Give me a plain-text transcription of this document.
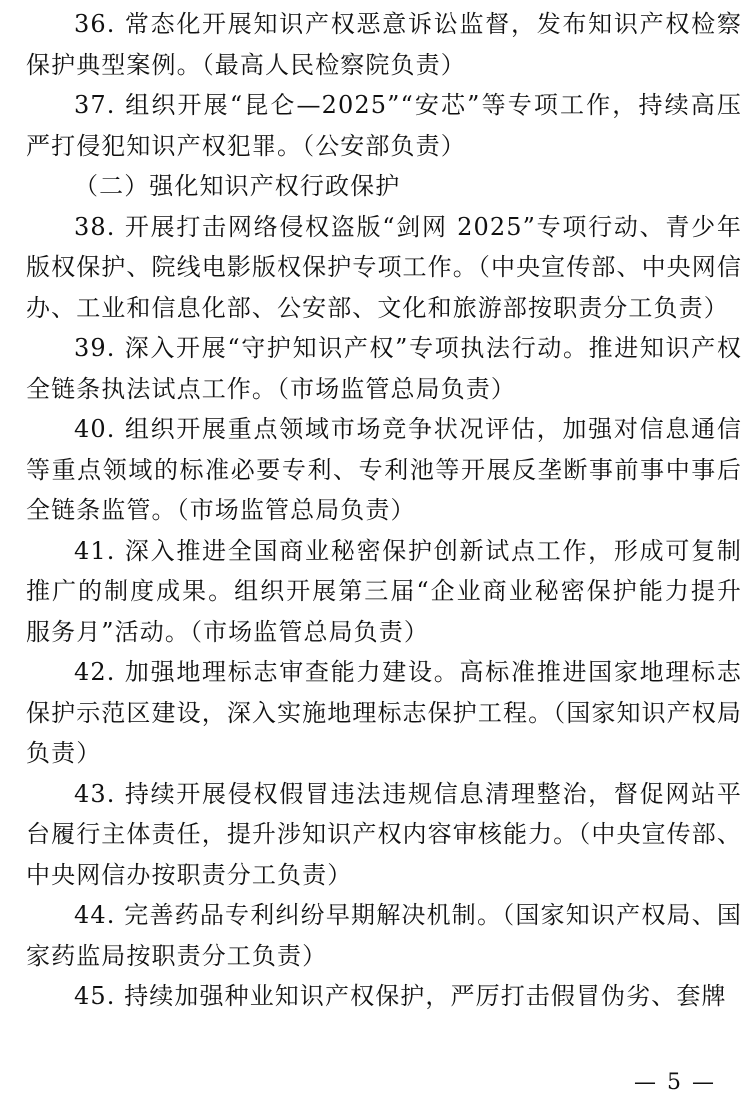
36. 常态化开展知识产权恶意诉讼监督，发布知识产权检察保护典型案例。（最高人民检察院负责）

37. 组织开展“昆仑—2025”“安芯”等专项工作，持续高压严打侵犯知识产权犯罪。（公安部负责）

（二）强化知识产权行政保护

38. 开展打击网络侵权盗版“剑网 2025”专项行动、青少年版权保护、院线电影版权保护专项工作。（中央宣传部、中央网信办、工业和信息化部、公安部、文化和旅游部按职责分工负责）

39. 深入开展“守护知识产权”专项执法行动。推进知识产权全链条执法试点工作。（市场监管总局负责）

40. 组织开展重点领域市场竞争状况评估，加强对信息通信等重点领域的标准必要专利、专利池等开展反垄断事前事中事后全链条监管。（市场监管总局负责）

41. 深入推进全国商业秘密保护创新试点工作，形成可复制推广的制度成果。组织开展第三届“企业商业秘密保护能力提升服务月”活动。（市场监管总局负责）

42. 加强地理标志审查能力建设。高标准推进国家地理标志保护示范区建设，深入实施地理标志保护工程。（国家知识产权局负责）

43. 持续开展侵权假冒违法违规信息清理整治，督促网站平台履行主体责任，提升涉知识产权内容审核能力。（中央宣传部、中央网信办按职责分工负责）

44. 完善药品专利纠纷早期解决机制。（国家知识产权局、国家药监局按职责分工负责）

45. 持续加强种业知识产权保护，严厉打击假冒伪劣、套牌

— 5 —
